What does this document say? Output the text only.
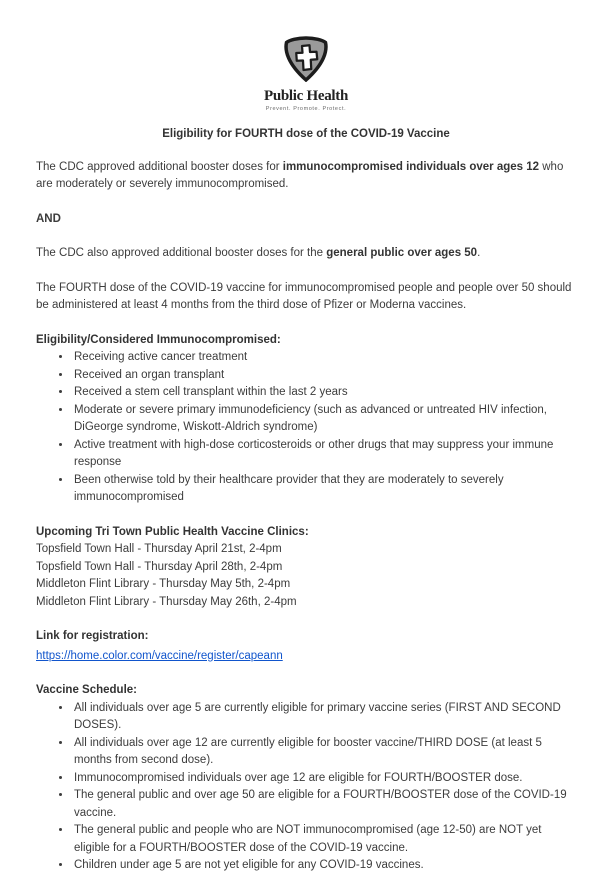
Public Health
Prevent. Promote. Protect.
Eligibility for FOURTH dose of the COVID-19 Vaccine

The CDC approved additional booster doses for immunocompromised individuals over ages 12 who are moderately or severely immunocompromised.

AND

The CDC also approved additional booster doses for the general public over ages 50.

The FOURTH dose of the COVID-19 vaccine for immunocompromised people and people over 50 should be administered at least 4 months from the third dose of Pfizer or Moderna vaccines.

Eligibility/Considered Immunocompromised:
• Receiving active cancer treatment
• Received an organ transplant
• Received a stem cell transplant within the last 2 years
• Moderate or severe primary immunodeficiency (such as advanced or untreated HIV infection, DiGeorge syndrome, Wiskott-Aldrich syndrome)
• Active treatment with high-dose corticosteroids or other drugs that may suppress your immune response
• Been otherwise told by their healthcare provider that they are moderately to severely immunocompromised
Upcoming Tri Town Public Health Vaccine Clinics:
Topsfield Town Hall - Thursday April 21st, 2-4pm
Topsfield Town Hall - Thursday April 28th, 2-4pm
Middleton Flint Library - Thursday May 5th, 2-4pm
Middleton Flint Library - Thursday May 26th, 2-4pm
Link for registration:
https://home.color.com/vaccine/register/capeann
Vaccine Schedule:
• All individuals over age 5 are currently eligible for primary vaccine series (FIRST AND SECOND DOSES).
• All individuals over age 12 are currently eligible for booster vaccine/THIRD DOSE (at least 5 months from second dose).
• Immunocompromised individuals over age 12 are eligible for FOURTH/BOOSTER dose.
• The general public and over age 50 are eligible for a FOURTH/BOOSTER dose of the COVID-19 vaccine.
• The general public and people who are NOT immunocompromised (age 12-50) are NOT yet eligible for a FOURTH/BOOSTER dose of the COVID-19 vaccine.
• Children under age 5 are not yet eligible for any COVID-19 vaccines.
